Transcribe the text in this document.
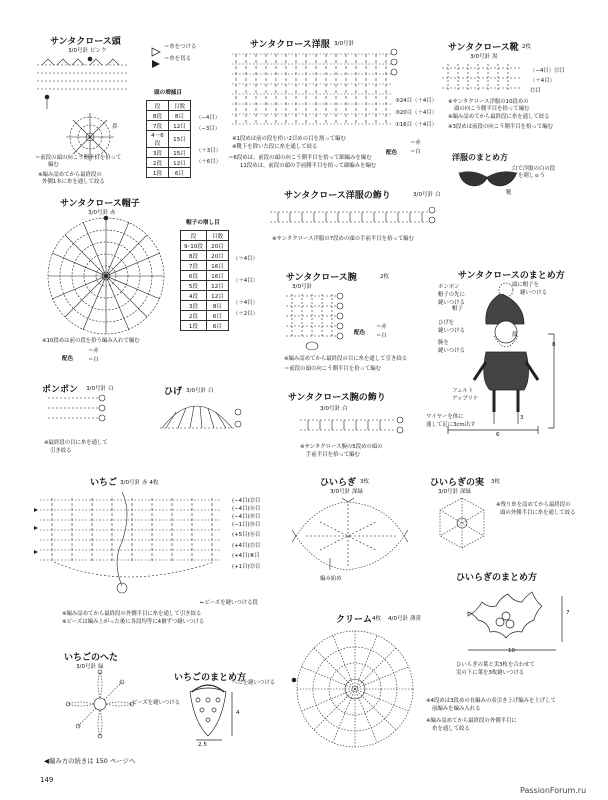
サンタクロース頭
3/0号針 ピンク
鼻
＝前段の頭の向こう側半目を拾って
編む
※編み詰めてから最終段の
外側1本に糸を通して絞る
＝糸をつける
＝糸を切る
頭の増減目
段	目数
8段	8目
7段	12目
4〜6段	15目
3段	15目
2段	12目
1段	6目
（−4目）
（−3目）
（＋3目）
（＋6目）
サンタクロース洋服 3/0号針
⑤24目（＋4目）
③20目（＋4目）
①16目（＋4目）
※1段めは前の段を拾い2目めの目を割って編む
※靴下を除いた段に糸を通して絞る
＝6段めは、前段の頭の向こう側半目を拾って細編みを編む
11段めは、前段の頭の手前側半目を拾って細編みを編む
配色
＝赤
＝白
サンタクロース靴 2枚
3/0号針 黒
（−4目）⑫目
（＋4目）
⑫目
※サンタクロース洋服の10段めの
頭の向こう側半目を拾って編む
※編み詰めてから最終段に糸を通して絞る
※3段めは前段の向こう側半目を拾って編む
洋服のまとめ方
白で洋服の白の段
を刺しゅう
靴
サンタクロース帽子
3/0号針 赤
※10段めは前の段を拾う編み入れで編む
帽子の増し目
段	目数
9･10段	20目
8段	20目
7段	16目
6段	16目
5段	12目
4段	12目
3段	8目
2段	6目
1段	6目
（＋4目）
（＋4目）
（＋4目）
（＋2目）
配色
＝赤
＝白
サンタクロース洋服の飾り	3/0号針 白
※サンタクロース洋服の7段めの頭の手前半目を拾って編む
サンタクロース腕	2枚
3/0号針
配色
＝赤
＝白
※編み詰めてから最終段の目に糸を通して引き絞る
＝前段の頭の向こう側半目を拾って編む
サンタクロース腕の飾り
3/0号針 白
※サンタクロース腕の5段めの頭の
手前半目を拾って編む
サンタクロースのまとめ方
8
6
3
ポンポン
帽子の先に
縫いつける
頭に帽子を
縫いつける
帽子
ひげを
縫いつける
腕を
縫いつける
顔
フェルト
アップリケ
ワイヤーを体に
通して足に3cm出す
ポンポン 3/0号針 白
※最終段の目に糸を通して
引き絞る
ひげ 3/0号針 白
いちご 3/0号針 赤 4枚
(−4目)⑫目
(−4目)⑯目
(−4目)⑱目
(−1目)⑳目
(+5目)⑯目
(+4目)⑫目
(+4目)⑧目
(+1目)⑫目
←ビーズを縫いつける段
※編み詰めてから最終段の外側半目に糸を通して引き絞る
※ビーズは編み上がった後に各段均等に4個ずつ縫いつける
いちごのへた
3/0号針 緑
いちごのまとめ方
へたを縫いつける
ビーズを縫いつける
4
2.5
ひいらぎ 3枚
3/0号針 深緑
編み始め
ひいらぎの実 3枚
3/0号針 深緑
※残り糸を詰めてから最終段の
頭の外側半目に糸を通して絞る
ひいらぎのまとめ方
7
10
ひいらぎの葉と実3枚を合わせて
実の下に葉を3枚縫いつける
クリーム 4枚 4/0号針 薄黄
※4段めは3段めの長編みの表引き上げ編みを上げして
前編みを編み入れる
※編み詰めてから最終段の外側半目に
糸を通して絞る
◀編み方の続きは 150 ページへ
149
PassionForum.ru
